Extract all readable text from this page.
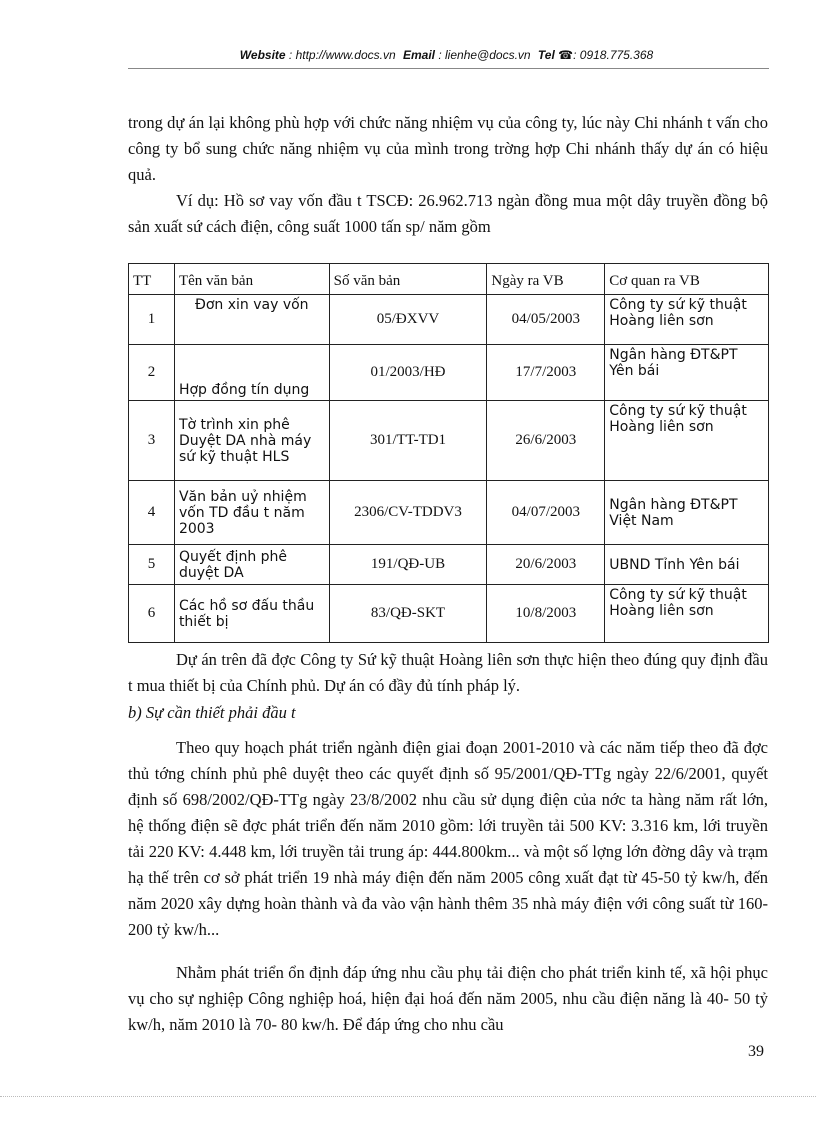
Website : http://www.docs.vn Email : lienhe@docs.vn Tel ☎: 0918.775.368
trong dự án lại không phù hợp với chức năng nhiệm vụ của công ty, lúc này Chi nhánh t vấn cho công ty bổ sung chức năng nhiệm vụ của mình trong trờng hợp Chi nhánh thấy dự án có hiệu quả.
Ví dụ: Hồ sơ vay vốn đầu t TSCĐ: 26.962.713 ngàn đồng mua một dây truyền đồng bộ sản xuất sứ cách điện, công suất 1000 tấn sp/ năm gồm
TT	Tên văn bản	Số văn bản	Ngày ra VB	Cơ quan ra VB
1	Đơn xin vay vốn	05/ĐXVV	04/05/2003	Công ty sứ kỹ thuật Hoàng liên sơn
2	Hợp đồng tín dụng	01/2003/HĐ	17/7/2003	Ngân hàng ĐT&PT Yên bái
3	Tờ trình xin phê Duyệt DA nhà máy sứ kỹ thuật HLS	301/TT-TD1	26/6/2003	Công ty sứ kỹ thuật Hoàng liên sơn
4	Văn bản uỷ nhiệm vốn TD đầu t năm 2003	2306/CV-TDDV3	04/07/2003	Ngân hàng ĐT&PT Việt Nam
5	Quyết định phê duyệt DA	191/QĐ-UB	20/6/2003	UBND Tỉnh Yên bái
6	Các hồ sơ đấu thầu thiết bị	83/QĐ-SKT	10/8/2003	Công ty sứ kỹ thuật Hoàng liên sơn
Dự án trên đã đợc Công ty Sứ kỹ thuật Hoàng liên sơn thực hiện theo đúng quy định đầu t mua thiết bị của Chính phủ. Dự án có đầy đủ tính pháp lý.
b) Sự cần thiết phải đầu t
Theo quy hoạch phát triển ngành điện giai đoạn 2001-2010 và các năm tiếp theo đã đợc thủ tớng chính phủ phê duyệt theo các quyết định số 95/2001/QĐ-TTg ngày 22/6/2001, quyết định số 698/2002/QĐ-TTg ngày 23/8/2002 nhu cầu sử dụng điện của nớc ta hàng năm rất lớn, hệ thống điện sẽ đợc phát triển đến năm 2010 gồm: lới truyền tải 500 KV: 3.316 km, lới truyền tải 220 KV: 4.448 km, lới truyền tải trung áp: 444.800km... và một số lợng lớn đờng dây và trạm hạ thế trên cơ sở phát triển 19 nhà máy điện đến năm 2005 công xuất đạt từ 45-50 tỷ kw/h, đến năm 2020 xây dựng hoàn thành và đa vào vận hành thêm 35 nhà máy điện với công suất từ 160- 200 tỷ kw/h...
Nhằm phát triển ổn định đáp ứng nhu cầu phụ tải điện cho phát triển kinh tế, xã hội phục vụ cho sự nghiệp Công nghiệp hoá, hiện đại hoá đến năm 2005, nhu cầu điện năng là 40- 50 tỷ kw/h, năm 2010 là 70- 80 kw/h. Để đáp ứng cho nhu cầu
39
